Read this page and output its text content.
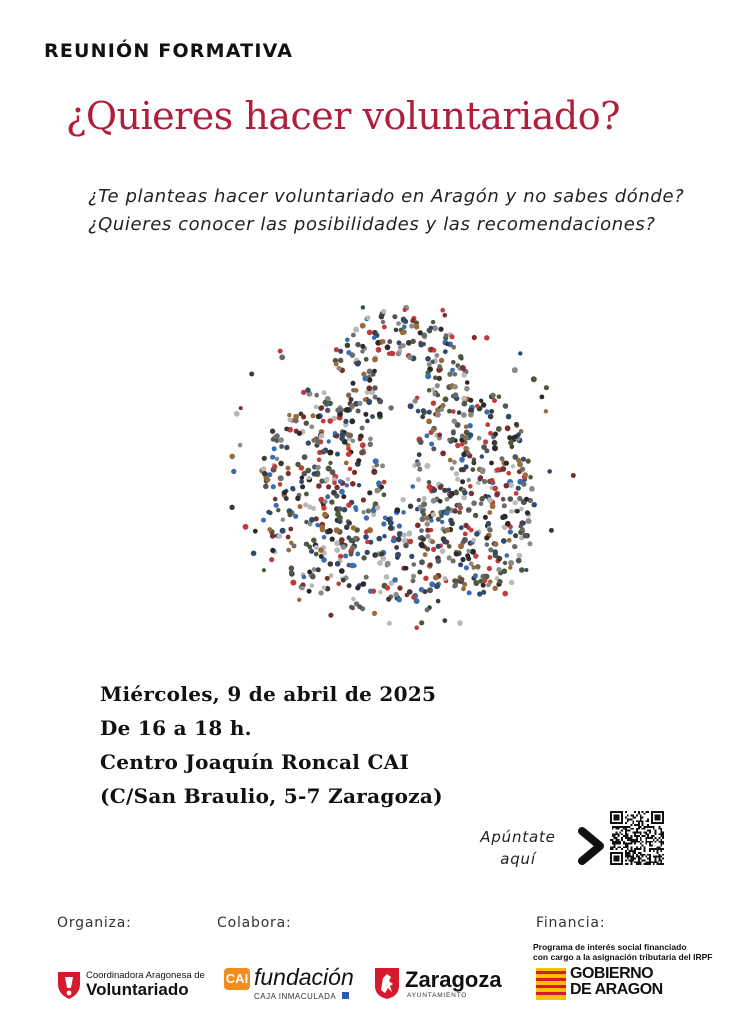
REUNIÓN FORMATIVA
¿Quieres hacer voluntariado?
¿Te planteas hacer voluntariado en Aragón y no sabes dónde? ¿Quieres conocer las posibilidades y las recomendaciones?
Miércoles, 9 de abril de 2025
De 16 a 18 h.
Centro Joaquín Roncal CAI
(C/San Braulio, 5-7 Zaragoza)
Apúntate
aquí
Organiza:	Colabora:	Financia:
Programa de interés social financiado
con cargo a la asignación tributaria del IRPF
Coordinadora Aragonesa de
Voluntariado
CAI fundación
CAJA INMACULADA
Zaragoza
AYUNTAMIENTO
GOBIERNO
DE ARAGON
